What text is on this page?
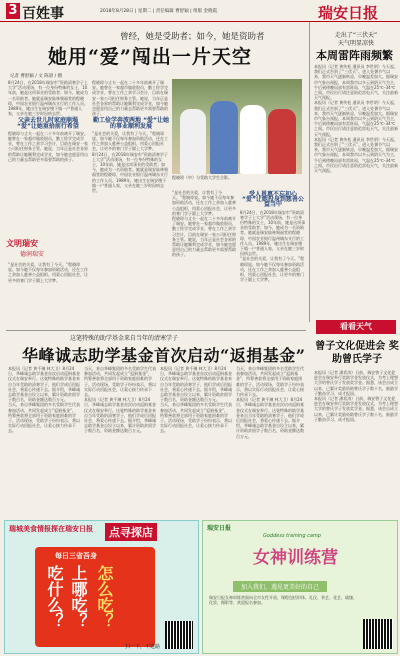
3 百姓事	2018年8月28日 | 星期二 | 责任编辑 曹舒颖 | 组版 金晓霞	瑞安日报
曾经，她是受助者；如今，她是资助者
她用“爱”闯出一片天空
记者 曹舒颖 / 文 陈晨 / 摄

8月24日，在2018年瑞安市“资助清寒学子上大学”活动现场，有一位身份特殊的女士，10年前，她是这项事业的受助者；如今，她成为一名资助者。她就是瑞安陆林聚福堂的程晓琼，中国农业银行温州城东支行的工作人员。1989年，她出生在瑞安塘下镇一户普通人家，父亲在她三岁时因病去世。

父亲去世儿时家庭崩塌 “爱”让她重拾前行希望

程晓琼与丈夫一起在二十多年前离开了瑞安。她曾在一家超市做收银员，勤工俭学完成学业，曾在工作之余学习会计，目前在瑞安一家公司担任财务主管。她说，当年正是社会各界的帮助让她顺利完成学业，如今她也愿意用自己的力量去帮助更多需要帮助的孩子。

程晓琼与丈夫一起在二十多年前离开了瑞安。她曾在一家超市做收银员，勤工俭学完成学业，曾在工作之余学习会计，目前在瑞安一家公司担任财务主管。她说，当年正是社会各界的帮助让她顺利完成学业，如今她也愿意用自己的力量去帮助更多需要帮助的孩子。

勤工俭学奔波两地 “爱”让她的事业顺利发展

“是社会的关爱，让我有了今天。”程晓琼说。如今她不仅每年参加资助活动，还在工作之余加入慈善公益组织，用爱心回报社会，让更多的寒门学子圆上大学梦。

8月24日，在2018年瑞安市“资助清寒学子上大学”活动现场，有一位身份特殊的女士，10年前，她是这项事业的受助者；如今，她成为一名资助者。她就是瑞安陆林聚福堂的程晓琼，中国农业银行温州城东支行的工作人员。1989年，她出生在瑞安塘下镇一户普通人家，父亲在她三岁时因病去世。

程晓琼（中）与受助大学生合影。

“是社会的关爱，让我有了今天。”程晓琼说。如今她不仅每年参加资助活动，还在工作之余加入慈善公益组织，用爱心回报社会，让更多的寒门学子圆上大学梦。

程晓琼与丈夫一起在二十多年前离开了瑞安。她曾在一家超市做收银员，勤工俭学完成学业，曾在工作之余学习会计，目前在瑞安一家公司担任财务主管。她说，当年正是社会各界的帮助让她顺利完成学业，如今她也愿意用自己的力量去帮助更多需要帮助的孩子。

受人恩惠不忘初心 “爱”让她投身到慈善公益当中

8月24日，在2018年瑞安市“资助清寒学子上大学”活动现场，有一位身份特殊的女士，10年前，她是这项事业的受助者；如今，她成为一名资助者。她就是瑞安陆林聚福堂的程晓琼，中国农业银行温州城东支行的工作人员。1989年，她出生在瑞安塘下镇一户普通人家，父亲在她三岁时因病去世。

“是社会的关爱，让我有了今天。”程晓琼说。如今她不仅每年参加资助活动，还在工作之余加入慈善公益组织，用爱心回报社会，让更多的寒门学子圆上大学梦。

文明瑞安
德润瑞安

“是社会的关爱，让我有了今天。”程晓琼说。如今她不仅每年参加资助活动，还在工作之余加入慈善公益组织，用爱心回报社会，让更多的寒门学子圆上大学梦。

走出了“三伏天”
天气明显凉快
本周雷阵雨频繁

本报讯（记者 黄传松 通讯员 李世明）今天起，我们正式告别了“三伏天”。进入处暑节气以来，我市天气逐渐转凉，早晚温差加大。据瑞安市气象台预报，本周我市以多云到阴天气为主，午后到傍晚局部有雷阵雨，气温在25℃–34℃之间。市民出行请注意防范雷电天气，关注最新天气预报。

本报讯（记者 黄传松 通讯员 李世明）今天起，我们正式告别了“三伏天”。进入处暑节气以来，我市天气逐渐转凉，早晚温差加大。据瑞安市气象台预报，本周我市以多云到阴天气为主，午后到傍晚局部有雷阵雨，气温在25℃–34℃之间。市民出行请注意防范雷电天气，关注最新天气预报。

本报讯（记者 黄传松 通讯员 李世明）今天起，我们正式告别了“三伏天”。进入处暑节气以来，我市天气逐渐转凉，早晚温差加大。据瑞安市气象台预报，本周我市以多云到阴天气为主，午后到傍晚局部有雷阵雨，气温在25℃–34℃之间。市民出行请注意防范雷电天气，关注最新天气预报。

看看天气
这笔特殊的助学基金来自当年的清寒学子
华峰诚志助学基金首次启动“返捐基金”

本报讯（记者 黄千琳 林大卫）8月24日，华峰诚志助学基金首次启动返捐基金仪式在瑞安举行。这笔特殊的助学基金来自当年受助的清寒学子，他们学成后回报社会，将爱心传递下去。据介绍，华峰诚志助学基金自设立以来，累计资助贫困学子数百名，资助金额达数百万元。

当天，来自华峰集团的多名受助学生代表参加活动，共同发起成立“返捐基金”，所筹善款将全部用于资助家庭困难的学子。活动现场，受助学子纷纷表示，将以实际行动回报社会，让爱心接力传承下去。

当天，来自华峰集团的多名受助学生代表参加活动，共同发起成立“返捐基金”，所筹善款将全部用于资助家庭困难的学子。活动现场，受助学子纷纷表示，将以实际行动回报社会，让爱心接力传承下去。

本报讯（记者 黄千琳 林大卫）8月24日，华峰诚志助学基金首次启动返捐基金仪式在瑞安举行。这笔特殊的助学基金来自当年受助的清寒学子，他们学成后回报社会，将爱心传递下去。据介绍，华峰诚志助学基金自设立以来，累计资助贫困学子数百名，资助金额达数百万元。

本报讯（记者 黄千琳 林大卫）8月24日，华峰诚志助学基金首次启动返捐基金仪式在瑞安举行。这笔特殊的助学基金来自当年受助的清寒学子，他们学成后回报社会，将爱心传递下去。据介绍，华峰诚志助学基金自设立以来，累计资助贫困学子数百名，资助金额达数百万元。

当天，来自华峰集团的多名受助学生代表参加活动，共同发起成立“返捐基金”，所筹善款将全部用于资助家庭困难的学子。活动现场，受助学子纷纷表示，将以实际行动回报社会，让爱心接力传承下去。

当天，来自华峰集团的多名受助学生代表参加活动，共同发起成立“返捐基金”，所筹善款将全部用于资助家庭困难的学子。活动现场，受助学子纷纷表示，将以实际行动回报社会，让爱心接力传承下去。

本报讯（记者 黄千琳 林大卫）8月24日，华峰诚志助学基金首次启动返捐基金仪式在瑞安举行。这笔特殊的助学基金来自当年受助的清寒学子，他们学成后回报社会，将爱心传递下去。据介绍，华峰诚志助学基金自设立以来，累计资助贫困学子数百名，资助金额达数百万元。

曾子文化促进会 奖助曾氏学子

本报讯（记者 潘希涛）日前，瑞安曾子文化促进会在瑞安举行奖助学金发放仪式，为考上理想大学的曾氏学子发放奖学金。据悉，该会自成立以来，已累计奖励资助曾氏学子数十名，鼓励学子勤奋学习、成才报国。

本报讯（记者 潘希涛）日前，瑞安曾子文化促进会在瑞安举行奖助学金发放仪式，为考上理想大学的曾氏学子发放奖学金。据悉，该会自成立以来，已累计奖励资助曾氏学子数十名，鼓励学子勤奋学习、成才报国。

瑞城美食情报探在瑞安日报	点寻探店
每日三省吾身
吃什么？ 上哪吃？ 怎么吃？
扫一下，不迷路
瑞安日报
Goddess training camp
女神训练营
加入我们，遇见更美好的自己
瑞安日报女神训练营面向全市女性开放，课程包括形体、礼仪、茶艺、花艺、瑜伽、化妆、摄影等，欢迎报名参加。
